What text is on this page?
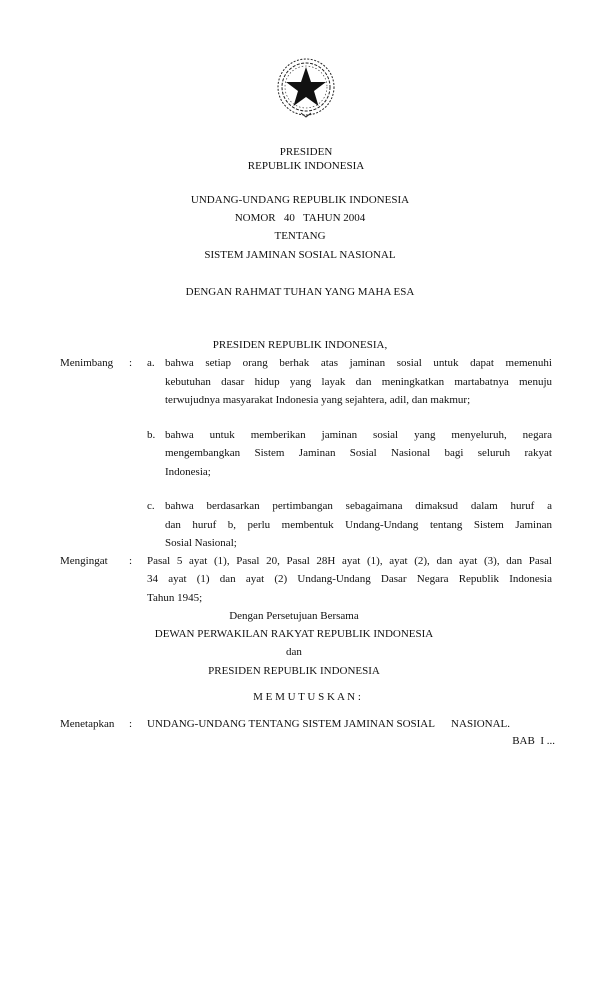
PRESIDEN
REPUBLIK INDONESIA
UNDANG-UNDANG REPUBLIK INDONESIA
NOMOR   40   TAHUN 2004
TENTANG
SISTEM JAMINAN SOSIAL NASIONAL
DENGAN RAHMAT TUHAN YANG MAHA ESA
PRESIDEN REPUBLIK INDONESIA,
Menimbang : a. bahwa setiap orang berhak atas jaminan sosial untuk dapat memenuhi
kebutuhan dasar hidup yang layak dan meningkatkan martabatnya menuju
terwujudnya masyarakat Indonesia yang sejahtera, adil, dan makmur;
b. bahwa untuk memberikan jaminan sosial yang menyeluruh, negara
mengembangkan Sistem Jaminan Sosial Nasional bagi seluruh rakyat
Indonesia;
c. bahwa berdasarkan pertimbangan sebagaimana dimaksud dalam huruf a
dan huruf b, perlu membentuk Undang-Undang tentang Sistem Jaminan
Sosial Nasional;
Mengingat : Pasal 5 ayat (1), Pasal 20, Pasal 28H ayat (1), ayat (2), dan ayat (3), dan Pasal
34 ayat (1) dan ayat (2) Undang-Undang Dasar Negara Republik Indonesia
Tahun 1945;
Dengan Persetujuan Bersama
DEWAN PERWAKILAN RAKYAT REPUBLIK INDONESIA
dan
PRESIDEN REPUBLIK INDONESIA
M E M U T U S K A N :
Menetapkan : UNDANG-UNDANG TENTANG SISTEM JAMINAN SOSIAL      NASIONAL.
BAB  I ...
